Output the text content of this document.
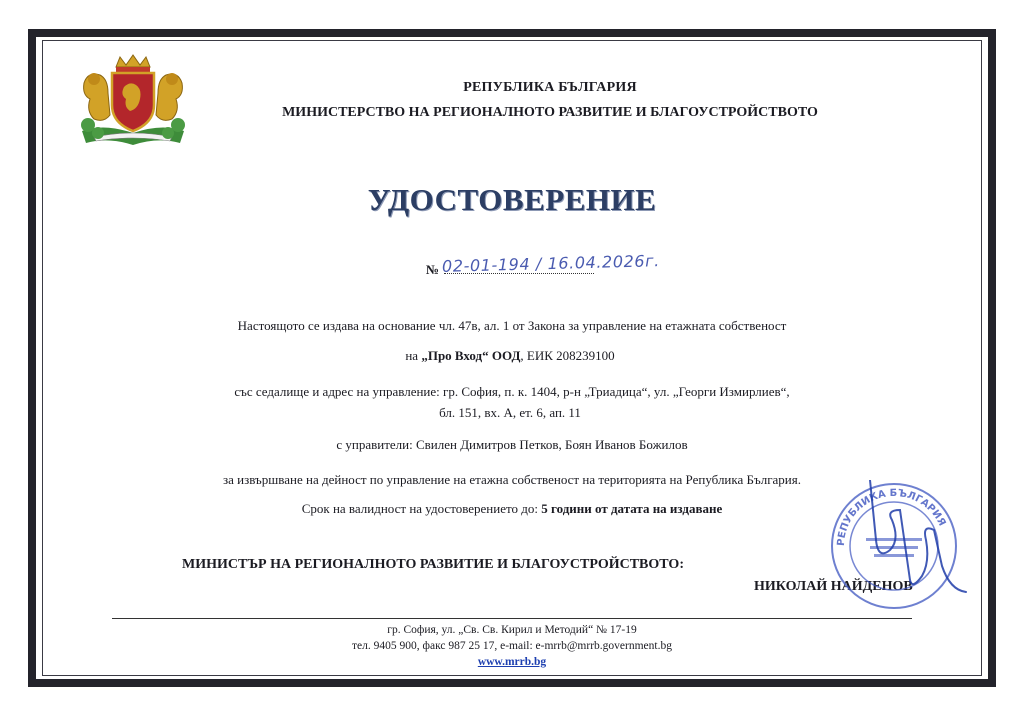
РЕПУБЛИКА БЪЛГАРИЯ
МИНИСТЕРСТВО НА РЕГИОНАЛНОТО РАЗВИТИЕ И БЛАГОУСТРОЙСТВОТО
УДОСТОВЕРЕНИЕ
№ 02-01-194 / 16.04.2026г.
Настоящото се издава на основание чл. 47в, ал. 1 от Закона за управление на етажната собственост
на „Про Вход“ ООД, ЕИК 208239100
със седалище и адрес на управление: гр. София, п. к. 1404, р-н „Триадица“, ул. „Георги Измирлиев“,
бл. 151, вх. А, ет. 6, ап. 11
с управители: Свилен Димитров Петков, Боян Иванов Божилов
за извършване на дейност по управление на етажна собственост на територията на Република България.
Срок на валидност на удостоверението до: 5 години от датата на издаване
МИНИСТЪР НА РЕГИОНАЛНОТО РАЗВИТИЕ И БЛАГОУСТРОЙСТВОТО:
НИКОЛАЙ НАЙДЕНОВ
РЕПУБЛИКА БЪЛГАРИЯ
гр. София, ул. „Св. Св. Кирил и Методий“ № 17-19
тел. 9405 900, факс 987 25 17, e-mail: e-mrrb@mrrb.government.bg
www.mrrb.bg
